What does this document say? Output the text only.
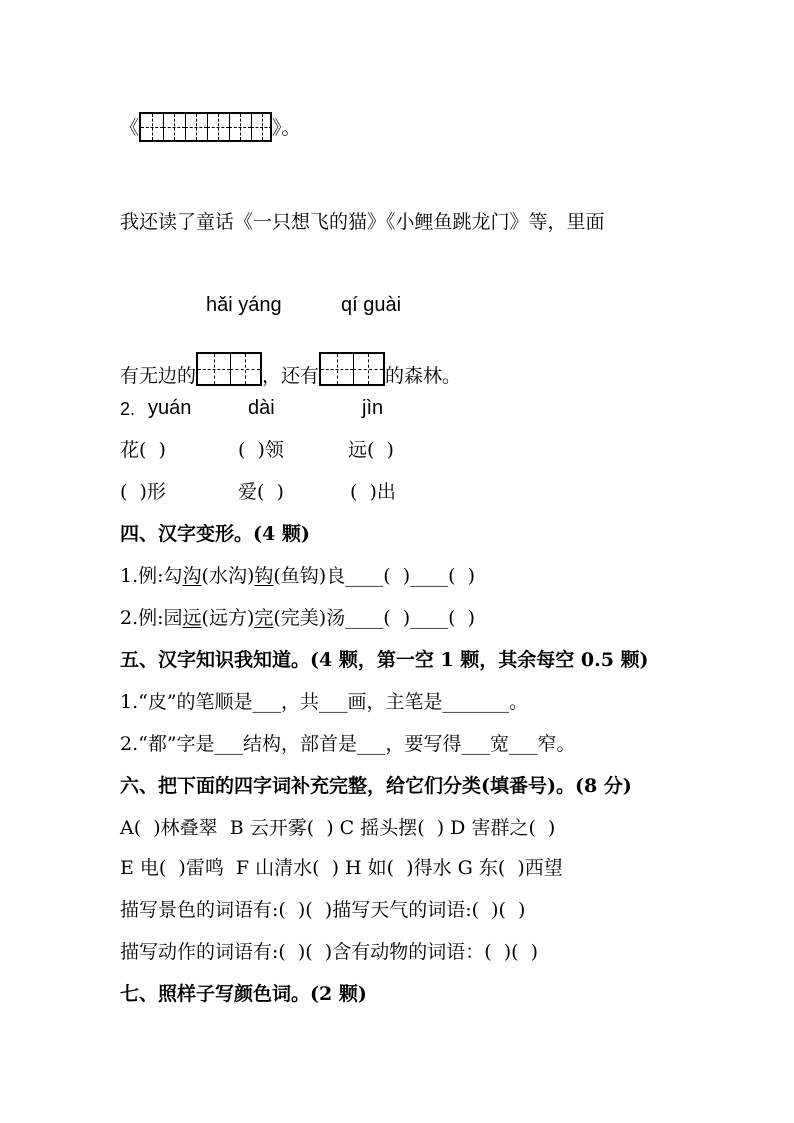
《	》。
我还读了童话《一只想飞的猫》《小鲤鱼跳龙门》等，里面
hǎi yáng	qí guài
有无边的	，还有	的森林。
2. yuán	dài	jìn
花(  )	(  )领	远(  )
(  )形	爱(  )	(  )出
四、汉字变形。(4 颗)
1.例:勾沟(水沟)钩(鱼钩)良____(  )____(  )
2.例:园远(远方)完(完美)汤____(  )____(  )
五、汉字知识我知道。(4 颗，第一空 1 颗，其余每空 0.5 颗)
1.“皮”的笔顺是___，共___画，主笔是_______。
2.“都”字是___结构，部首是___，要写得___宽___窄。
六、把下面的四字词补充完整，给它们分类(填番号)。(8 分)
A(  )林叠翠  B 云开雾(  ) C 摇头摆(  ) D 害群之(  )
E 电(  )雷鸣  F 山清水(  ) H 如(  )得水 G 东(  )西望
描写景色的词语有:(  )(  )描写天气的词语:(  )(  )
描写动作的词语有:(  )(  )含有动物的词语：(  )(  )
七、照样子写颜色词。(2 颗)
